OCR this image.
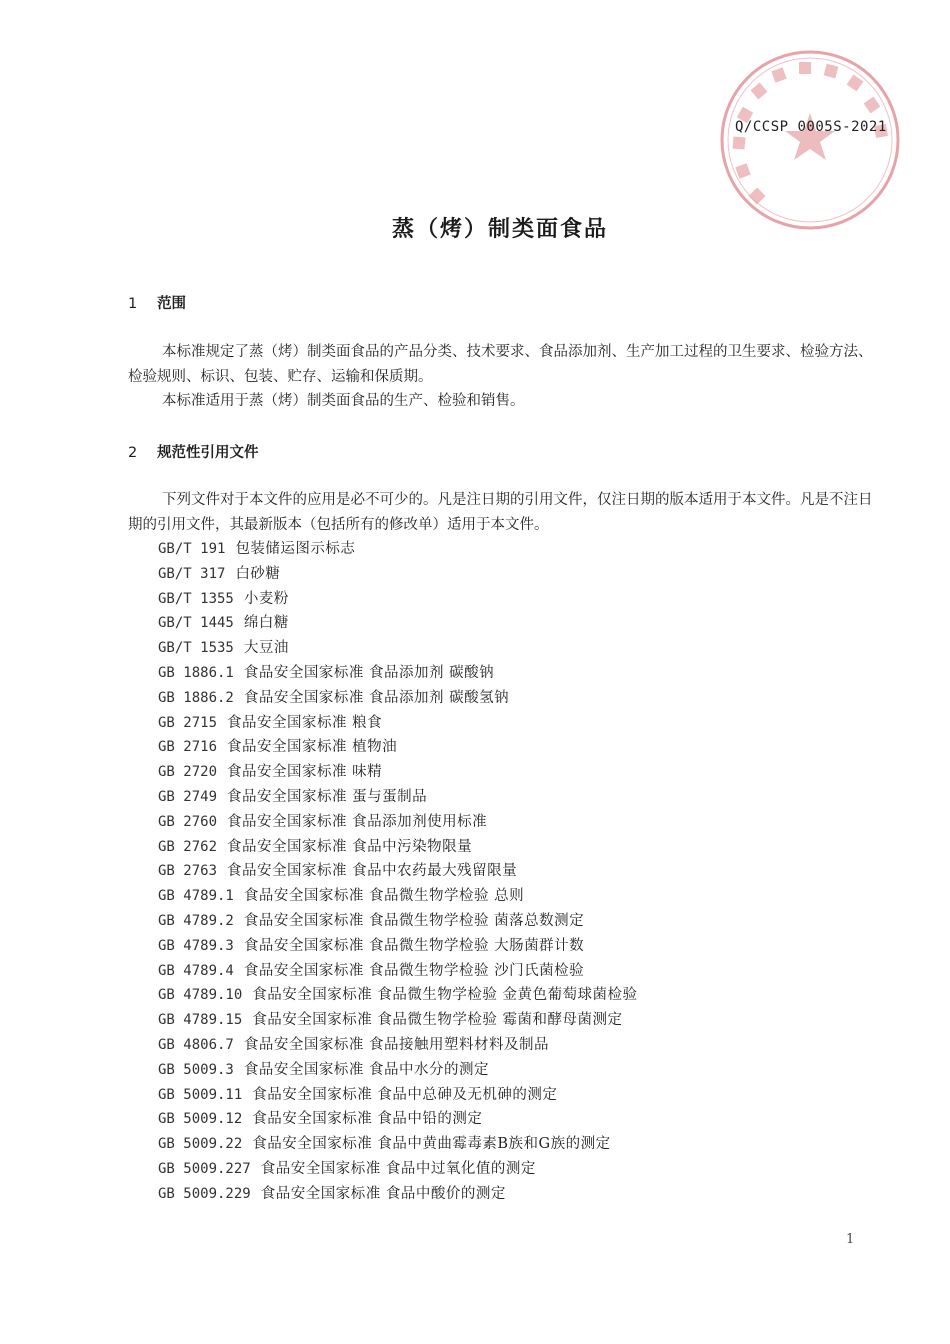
Q/CCSP 0005S-2021
蒸（烤）制类面食品
1 范围
本标准规定了蒸（烤）制类面食品的产品分类、技术要求、食品添加剂、生产加工过程的卫生要求、检验方法、检验规则、标识、包装、贮存、运输和保质期。
本标准适用于蒸（烤）制类面食品的生产、检验和销售。
2 规范性引用文件
下列文件对于本文件的应用是必不可少的。凡是注日期的引用文件，仅注日期的版本适用于本文件。凡是不注日期的引用文件，其最新版本（包括所有的修改单）适用于本文件。
GB/T 191 包装储运图示标志
GB/T 317 白砂糖
GB/T 1355 小麦粉
GB/T 1445 绵白糖
GB/T 1535 大豆油
GB 1886.1 食品安全国家标准 食品添加剂 碳酸钠
GB 1886.2 食品安全国家标准 食品添加剂 碳酸氢钠
GB 2715 食品安全国家标准 粮食
GB 2716 食品安全国家标准 植物油
GB 2720 食品安全国家标准 味精
GB 2749 食品安全国家标准 蛋与蛋制品
GB 2760 食品安全国家标准 食品添加剂使用标准
GB 2762 食品安全国家标准 食品中污染物限量
GB 2763 食品安全国家标准 食品中农药最大残留限量
GB 4789.1 食品安全国家标准 食品微生物学检验 总则
GB 4789.2 食品安全国家标准 食品微生物学检验 菌落总数测定
GB 4789.3 食品安全国家标准 食品微生物学检验 大肠菌群计数
GB 4789.4 食品安全国家标准 食品微生物学检验 沙门氏菌检验
GB 4789.10 食品安全国家标准 食品微生物学检验 金黄色葡萄球菌检验
GB 4789.15 食品安全国家标准 食品微生物学检验 霉菌和酵母菌测定
GB 4806.7 食品安全国家标准 食品接触用塑料材料及制品
GB 5009.3 食品安全国家标准 食品中水分的测定
GB 5009.11 食品安全国家标准 食品中总砷及无机砷的测定
GB 5009.12 食品安全国家标准 食品中铅的测定
GB 5009.22 食品安全国家标准 食品中黄曲霉毒素B族和G族的测定
GB 5009.227 食品安全国家标准 食品中过氧化值的测定
GB 5009.229 食品安全国家标准 食品中酸价的测定
1
